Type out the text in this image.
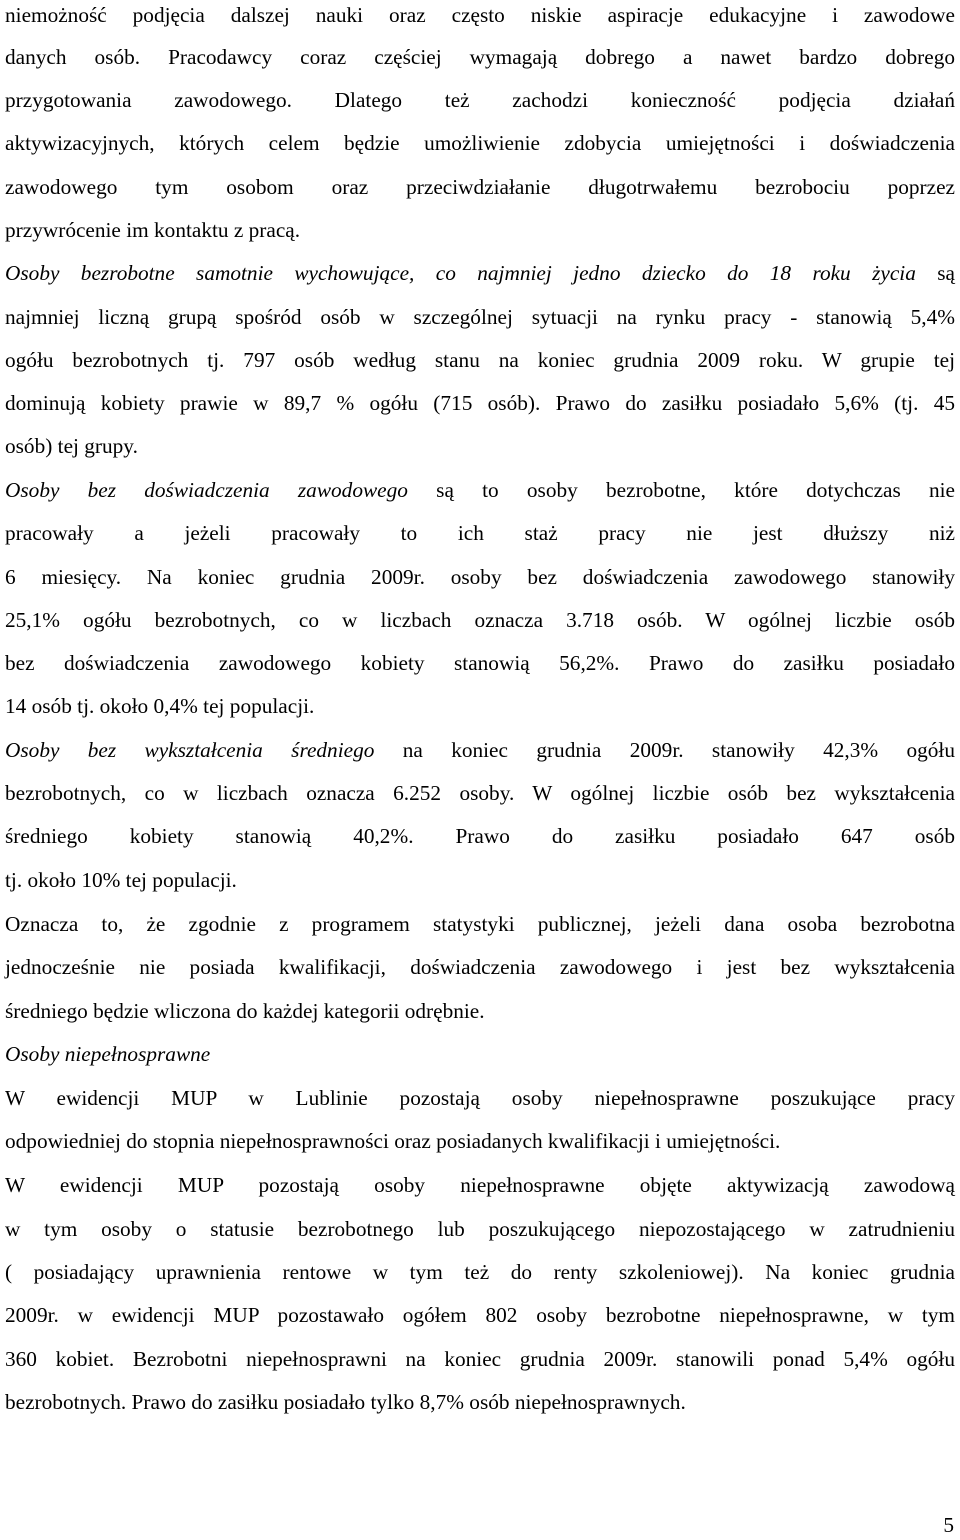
niemożność podjęcia dalszej nauki oraz często niskie aspiracje edukacyjne i zawodowe
danych osób. Pracodawcy coraz częściej wymagają dobrego a nawet bardzo dobrego
przygotowania zawodowego. Dlatego też zachodzi konieczność podjęcia działań
aktywizacyjnych, których celem będzie umożliwienie zdobycia umiejętności i doświadczenia
zawodowego tym osobom oraz przeciwdziałanie długotrwałemu bezrobociu poprzez
przywrócenie im kontaktu z pracą.
Osoby bezrobotne samotnie wychowujące, co najmniej jedno dziecko do 18 roku życia są
najmniej liczną grupą spośród osób w szczególnej sytuacji na rynku pracy - stanowią 5,4%
ogółu bezrobotnych tj. 797 osób według stanu na koniec grudnia 2009 roku. W grupie tej
dominują kobiety prawie w 89,7 % ogółu (715 osób). Prawo do zasiłku posiadało 5,6% (tj. 45
osób) tej grupy.
Osoby bez doświadczenia zawodowego są to osoby bezrobotne, które dotychczas nie
pracowały a jeżeli pracowały to ich staż pracy nie jest dłuższy niż
6 miesięcy. Na koniec grudnia 2009r. osoby bez doświadczenia zawodowego stanowiły
25,1% ogółu bezrobotnych, co w liczbach oznacza 3.718 osób. W ogólnej liczbie osób
bez doświadczenia zawodowego kobiety stanowią 56,2%. Prawo do zasiłku posiadało
14 osób tj. około 0,4% tej populacji.
Osoby bez wykształcenia średniego na koniec grudnia 2009r. stanowiły 42,3% ogółu
bezrobotnych, co w liczbach oznacza 6.252 osoby. W ogólnej liczbie osób bez wykształcenia
średniego kobiety stanowią 40,2%. Prawo do zasiłku posiadało 647 osób
tj. około 10% tej populacji.
Oznacza to, że zgodnie z programem statystyki publicznej, jeżeli dana osoba bezrobotna
jednocześnie nie posiada kwalifikacji, doświadczenia zawodowego i jest bez wykształcenia
średniego będzie wliczona do każdej kategorii odrębnie.
Osoby niepełnosprawne
W ewidencji MUP w Lublinie pozostają osoby niepełnosprawne poszukujące pracy
odpowiedniej do stopnia niepełnosprawności oraz posiadanych kwalifikacji i umiejętności.
W ewidencji MUP pozostają osoby niepełnosprawne objęte aktywizacją zawodową
w tym osoby o statusie bezrobotnego lub poszukującego niepozostającego w zatrudnieniu
( posiadający uprawnienia rentowe w tym też do renty szkoleniowej). Na koniec grudnia
2009r. w ewidencji MUP pozostawało ogółem 802 osoby bezrobotne niepełnosprawne, w tym
360 kobiet. Bezrobotni niepełnosprawni na koniec grudnia 2009r. stanowili ponad 5,4% ogółu
bezrobotnych. Prawo do zasiłku posiadało tylko 8,7% osób niepełnosprawnych.
5
